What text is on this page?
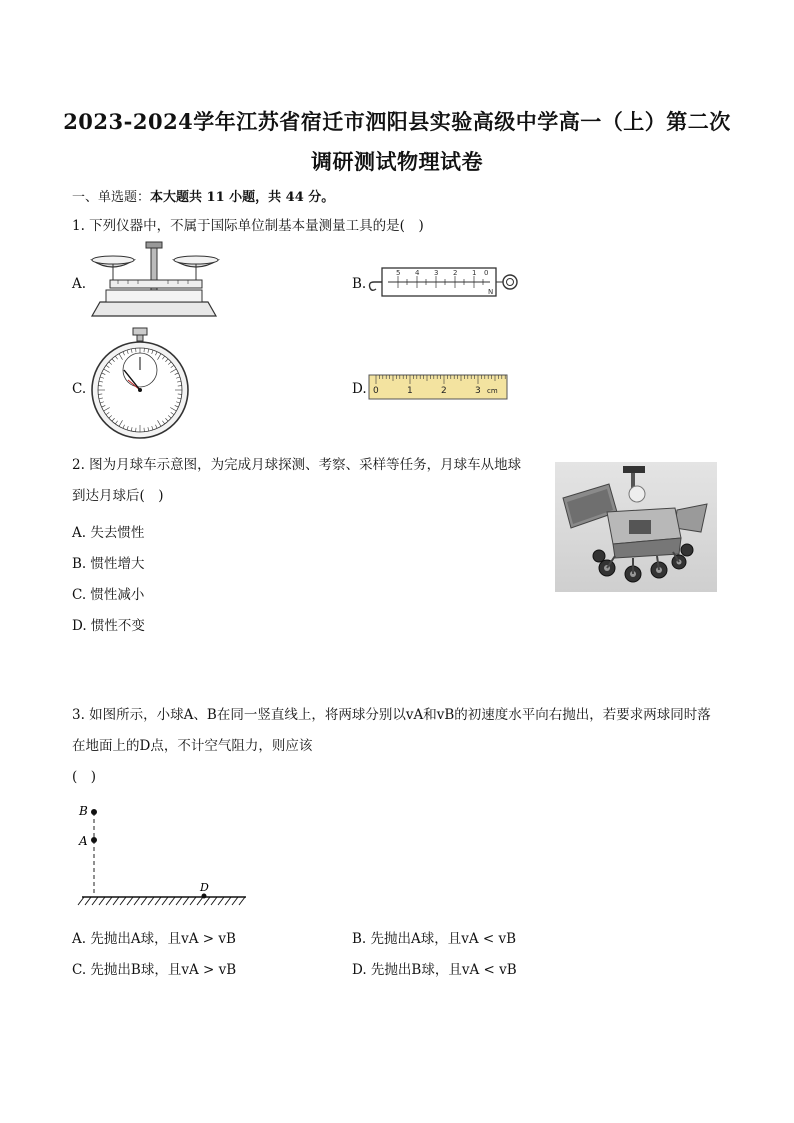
2023-2024学年江苏省宿迁市泗阳县实验高级中学高一（上）第二次
调研测试物理试卷
一、单选题：本大题共 11 小题，共 44 分。
1. 下列仪器中，不属于国际单位制基本量测量工具的是(　)
A.	B.
5 4 3 2 1 0
N
C.	D. 0	1	2	3 cm
2. 图为月球车示意图，为完成月球探测、考察、采样等任务，月球车从地球
到达月球后(　)
A. 失去惯性
B. 惯性增大
C. 惯性减小
D. 惯性不变
3. 如图所示，小球A、B在同一竖直线上，将两球分别以vA和vB的初速度水平向右抛出，若要求两球同时落
在地面上的D点，不计空气阻力，则应该
(　)
B
A
D
A. 先抛出A球，且vA > vB	B. 先抛出A球，且vA < vB
C. 先抛出B球，且vA > vB	D. 先抛出B球，且vA < vB
